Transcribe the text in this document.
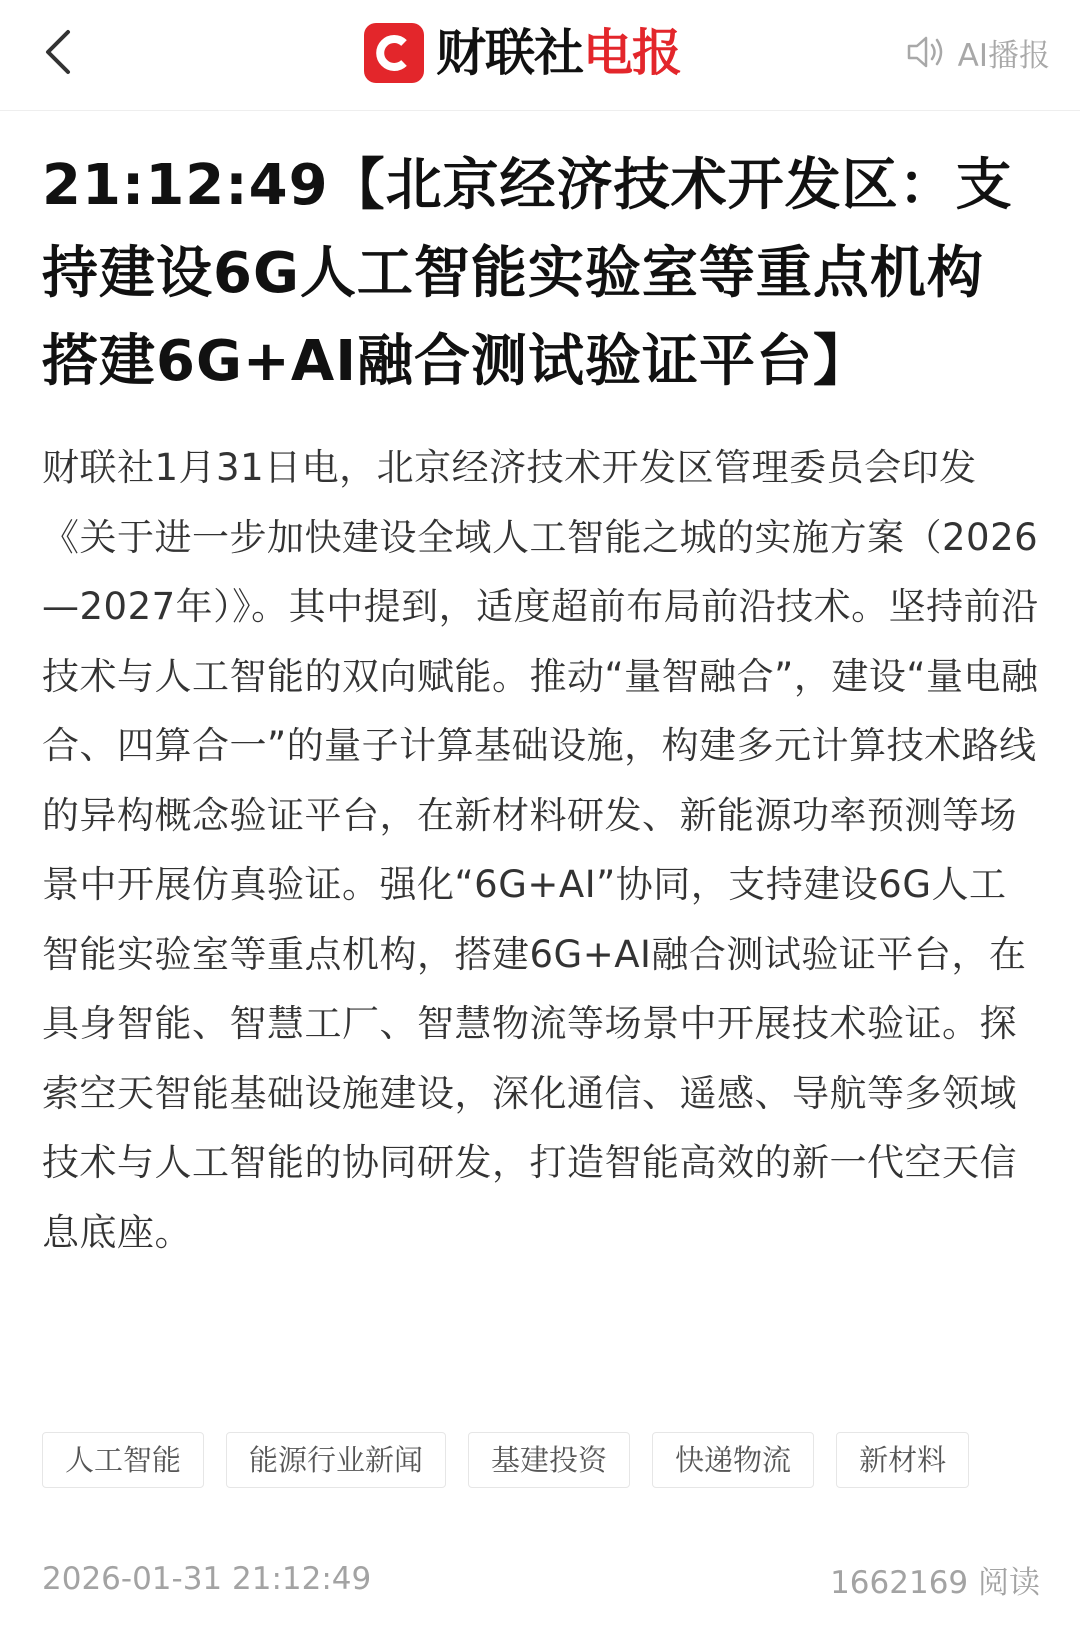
财联社电报	AI播报
21:12:49【北京经济技术开发区：支持建设6G人工智能实验室等重点机构 搭建6G+AI融合测试验证平台】

财联社1月31日电，北京经济技术开发区管理委员会印发《关于进一步加快建设全域人工智能之城的实施方案（2026—2027年）》。其中提到，适度超前布局前沿技术。坚持前沿技术与人工智能的双向赋能。推动“量智融合”，建设“量电融合、四算合一”的量子计算基础设施，构建多元计算技术路线的异构概念验证平台，在新材料研发、新能源功率预测等场景中开展仿真验证。强化“6G+AI”协同，支持建设6G人工智能实验室等重点机构，搭建6G+AI融合测试验证平台，在具身智能、智慧工厂、智慧物流等场景中开展技术验证。探索空天智能基础设施建设，深化通信、遥感、导航等多领域技术与人工智能的协同研发，打造智能高效的新一代空天信息底座。

人工智能	能源行业新闻	基建投资	快递物流	新材料
2026-01-31 21:12:49	1662169 阅读
